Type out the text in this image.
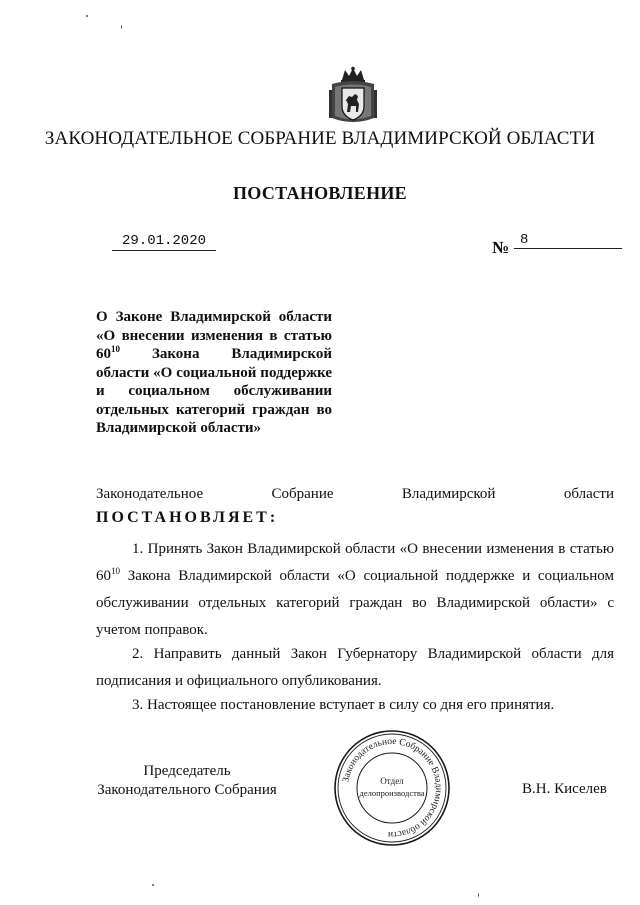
ЗАКОНОДАТЕЛЬНОЕ СОБРАНИЕ ВЛАДИМИРСКОЙ ОБЛАСТИ
ПОСТАНОВЛЕНИЕ
29.01.2020	№ 8
О Законе Владимирской области «О внесении изменения в статью $60^{10}$ Закона Владимирской области «О социальной поддержке и социальном обслуживании отдельных категорий граждан во Владимирской области»
Законодательное Собрание Владимирской области
ПОСТАНОВЛЯЕТ:
1. Принять Закон Владимирской области «О внесении изменения в статью $60^{10}$ Закона Владимирской области «О социальной поддержке и социальном обслуживании отдельных категорий граждан во Владимирской области» с учетом поправок.
2. Направить данный Закон Губернатору Владимирской области для подписания и официального опубликования.
3. Настоящее постановление вступает в силу со дня его принятия.
Председатель
Законодательного Собрания
Законодательное Собрание Владимирской области
Отдел
делопроизводства	В.Н. Киселев
